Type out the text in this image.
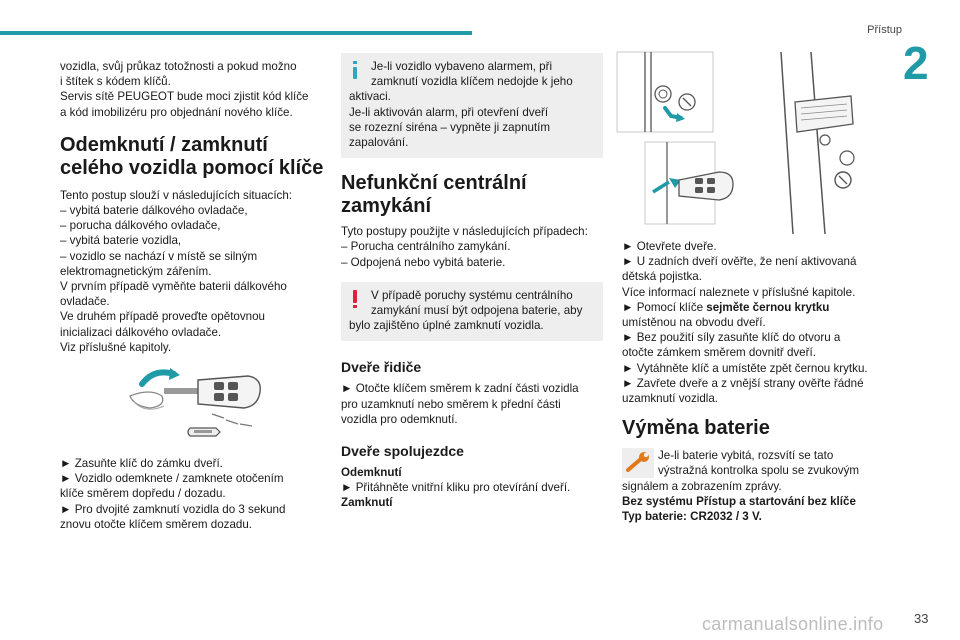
Přístup
2

vozidla, svůj průkaz totožnosti a pokud možno

i štítek s kódem klíčů.

Servis sítě PEUGEOT bude moci zjistit kód klíče

a kód imobilizéru pro objednání nového klíče.

Odemknutí / zamknutí
celého vozidla pomocí klíče

Tento postup slouží v následujících situacích:

– vybitá baterie dálkového ovladače,

– porucha dálkového ovladače,

– vybitá baterie vozidla,

– vozidlo se nachází v místě se silným

elektromagnetickým zářením.

V prvním případě vyměňte baterii dálkového

ovladače.

Ve druhém případě proveďte opětovnou

inicializaci dálkového ovladače.

Viz příslušné kapitoly.

► Zasuňte klíč do zámku dveří.

► Vozidlo odemknete / zamknete otočením

klíče směrem dopředu / dozadu.

► Pro dvojité zamknutí vozidla do 3 sekund

znovu otočte klíčem směrem dozadu.

Je-li vozidlo vybaveno alarmem, při
zamknutí vozidla klíčem nedojde k jeho
aktivaci.
Je-li aktivován alarm, při otevření dveří
se rozezní siréna – vypněte ji zapnutím
zapalování.
Nefunkční centrální
zamykání
Tyto postupy použijte v následujících případech:
– Porucha centrálního zamykání.
– Odpojená nebo vybitá baterie.
V případě poruchy systému centrálního
zamykání musí být odpojena baterie, aby
bylo zajištěno úplné zamknutí vozidla.
Dveře řidiče
► Otočte klíčem směrem k zadní části vozidla
pro uzamknutí nebo směrem k přední části
vozidla pro odemknutí.
Dveře spolujezdce
Odemknutí
► Přitáhněte vnitřní kliku pro otevírání dveří.
Zamknutí
► Otevřete dveře.
► U zadních dveří ověřte, že není aktivovaná
dětská pojistka.
Více informací naleznete v příslušné kapitole.
► Pomocí klíče sejměte černou krytku
umístěnou na obvodu dveří.
► Bez použití síly zasuňte klíč do otvoru a
otočte zámkem směrem dovnitř dveří.
► Vytáhněte klíč a umístěte zpět černou krytku.
► Zavřete dveře a z vnější strany ověřte řádné
uzamknutí vozidla.
Výměna baterie
Je-li baterie vybitá, rozsvítí se tato
výstražná kontrolka spolu se zvukovým
signálem a zobrazením zprávy.
Bez systému Přístup a startování bez klíče
Typ baterie: CR2032 / 3 V.
carmanualsonline.info 33
